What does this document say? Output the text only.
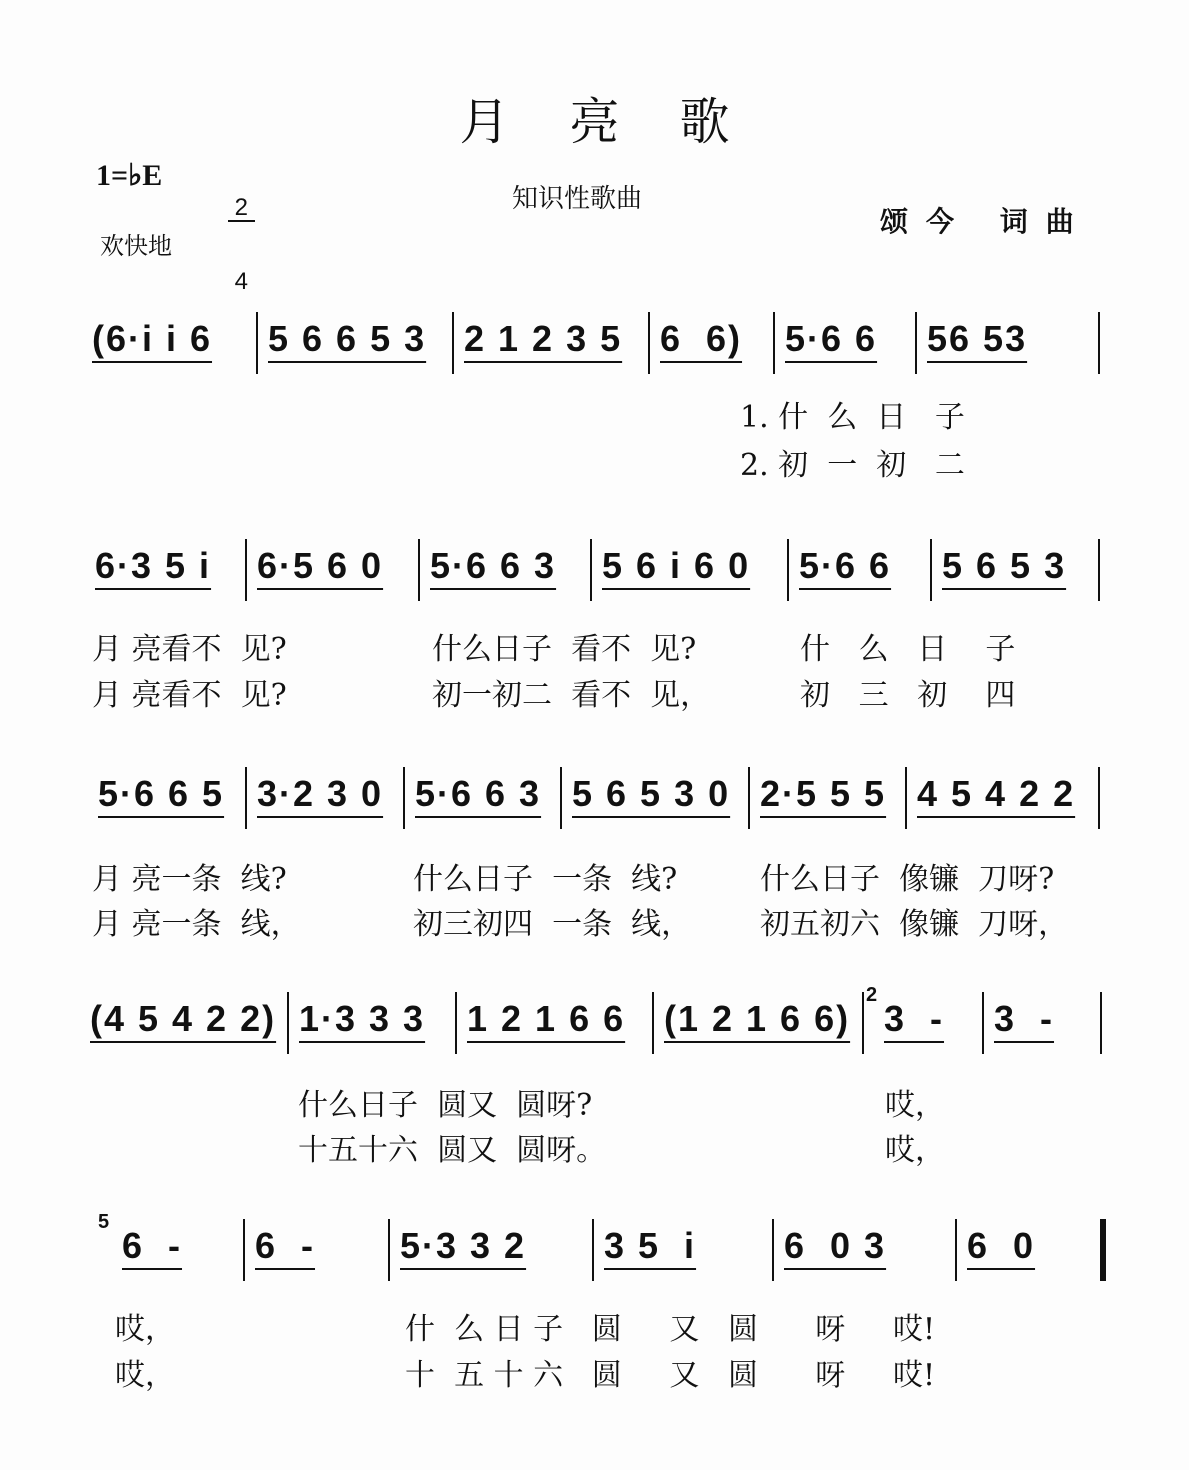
月亮歌
1=♭E

2

4

欢快地
知识性歌曲
颂今 词曲
(6·i i 6 5 6 6 5 3 2 1 2 3 5 6  6) 5·6 6 56 53
1. 什  么  日   子
2. 初  一  初   二
6·3 5 i 6·5 6 0 5·6 6 3 5 6 i 6 0 5·6 6 5 6 5 3
月 亮看不  见?	什么日子  看不  见?	什   么   日    子
月 亮看不  见?	初一初二  看不  见，	初   三   初    四
5·6 6 5 3·2 3 0 5·6 6 3 5 6 5 3 0 2·5 5 5 4 5 4 2 2
月 亮一条  线?	什么日子  一条  线?	什么日子  像镰  刀呀?
月 亮一条  线，	初三初四  一条  线， 初五初六  像镰  刀呀，
(4 5 4 2 2) 1·3 3 3 1 2 1 6 6 (1 2 1 6 6) 3  - 3  -
2
什么日子  圆又  圆呀?	哎，
十五十六  圆又  圆呀。	哎，
6  - 6  - 5·3 3 2 3 5  i 6  0 3 6  0
5
哎，	什  么 日 子   圆     又   圆      呀     哎!
哎，	十  五 十 六   圆     又   圆      呀     哎!
